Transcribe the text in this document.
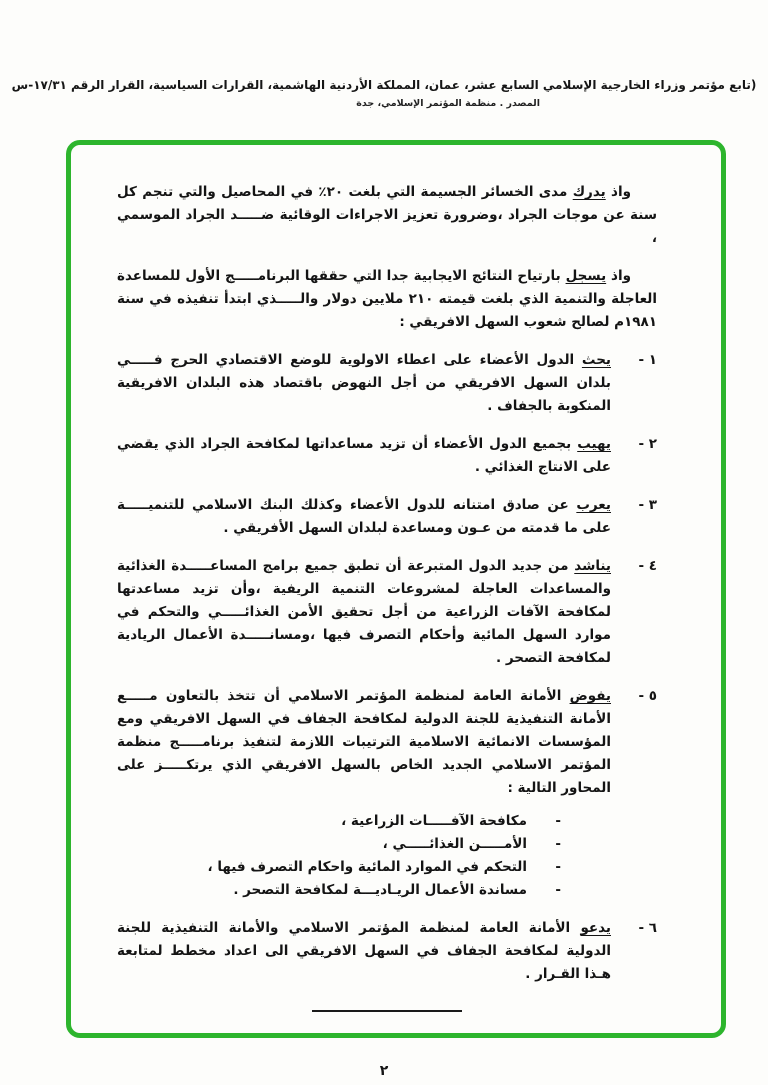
(تابع مؤتمر وزراء الخارجية الإسلامي السابع عشر، عمان، المملكة الأردنية الهاشمية، القرارات السياسية، القرار الرقم ١٧/٣١-س
المصدر . منظمة المؤتمر الإسلامي، جدة
واذ يدرك مدى الخسائر الجسيمة التي بلغت ٢٠٪ في المحاصيل والتي تنجم كل سنة عن موجات الجراد ،وضرورة تعزيز الاجراءات الوقائية ضـــــد الجراد الموسمي ،
واذ يسجل بارتياح النتائج الايجابية جدا التي حققها البرنامـــــج الأول للمساعدة العاجلة والتنمية الذي بلغت قيمته ٢١٠ ملايين دولار والـــــذي ابتدأ تنفيذه في سنة ١٩٨١م لصالح شعوب السهل الافريقي :
١ -
يحث الدول الأعضاء على اعطاء الاولوية للوضع الاقتصادي الحرج فـــــي بلدان السهل الافريقي من أجل النهوض باقتصاد هذه البلدان الافريقية المنكوبة بالجفاف .
٢ -
يهيب بجميع الدول الأعضاء أن تزيد مساعداتها لمكافحة الجراد الذي يقضي على الانتاج الغذائي .
٣ -
يعرب عن صادق امتنانه للدول الأعضاء وكذلك البنك الاسلامي للتنميـــــة على ما قدمته من عـون ومساعدة لبلدان السهل الأفريقي .
٤ -
يناشد من جديد الدول المتبرعة أن تطبق جميع برامج المساعـــــدة الغذائية والمساعدات العاجلة لمشروعات التنمية الريفية ،وأن تزيد مساعدتها لمكافحة الآفات الزراعية من أجل تحقيق الأمن الغذائـــــي والتحكم في موارد السهل المائية وأحكام التصرف فيها ،ومسانـــــدة الأعمال الريادية لمكافحة التصحر .
٥ -
يفوض الأمانة العامة لمنظمة المؤتمر الاسلامي أن تتخذ بالتعاون مـــــع الأمانة التنفيذية للجنة الدولية لمكافحة الجفاف في السهل الافريقي ومع المؤسسات الانمائية الاسلامية الترتيبات اللازمة لتنفيذ برنامـــــج منظمة المؤتمر الاسلامي الجديد الخاص بالسهل الافريقي الذي يرتكـــــز على المحاور التالية :
-
مكافحة الآفـــــات الزراعية ،
-
الأمـــــن الغذائـــــي ،
-
التحكم في الموارد المائية واحكام التصرف فيها ،
-
مساندة الأعمال الريـاديـــة لمكافحة التصحر .
٦ -
يدعو الأمانة العامة لمنظمة المؤتمر الاسلامي والأمانة التنفيذية للجنة الدولية لمكافحة الجفاف في السهل الافريقي الى اعداد مخطط لمتابعة هـذا القـرار .
٢
